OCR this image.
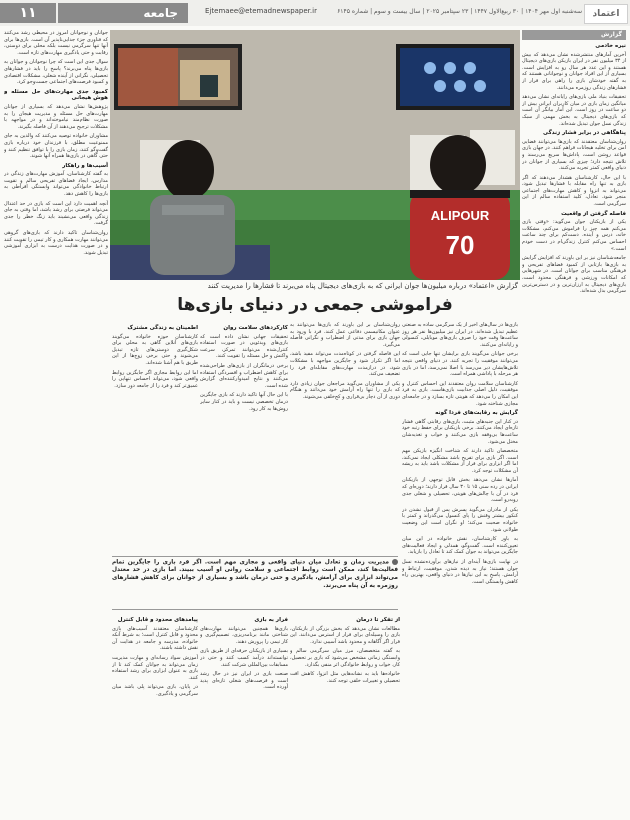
اعتماد
سه‌شنبه اول مهر ۱۴۰۴ | ۳۰ ربیع‌الاول ۱۴۴۷ | ۲۳ سپتامبر ۲۰۲۵ | سال بیست و سوم | شماره ۶۱۴۵
Ejtemaee@etemadnewspaper.ir
جامعه
۱۱
ALIPOUR
70
گزارش
نیره خادمی

آخرین آمارهای منتشرشده نشان می‌دهد که بیش از ۳۴ میلیون نفر در ایران بازیکن بازی‌های دیجیتال هستند و این عدد هر سال رو به افزایش است. بسیاری از این افراد جوانان و نوجوانانی هستند که به گفته خودشان بازی را راهی برای فرار از فشارهای زندگی روزمره می‌دانند.

تحقیقات بنیاد ملی بازی‌های رایانه‌ای نشان می‌دهد میانگین زمان بازی در میان کاربران ایرانی بیش از دو ساعت در روز است. این آمار بیانگر آن است که بازی‌های دیجیتال به بخش مهمی از سبک زندگی نسل جوان تبدیل شده‌اند.

پناهگاهی در برابر فشار زندگی

روان‌شناسان معتقدند که بازی‌ها می‌توانند فضایی امن برای تخلیه هیجانات فراهم کنند. در جهان بازی قواعد روشن است، پاداش‌ها سریع می‌رسند و تلاش نتیجه دارد؛ چیزی که بسیاری از جوانان در دنیای واقعی کمتر تجربه می‌کنند.

با این حال، کارشناسان هشدار می‌دهند که اگر بازی به تنها راه مقابله با فشارها تبدیل شود، می‌تواند به انزوا و کاهش مهارت‌های اجتماعی منجر شود. تعادل، کلید استفاده سالم از این سرگرمی است.

فاصله گرفتن از واقعیت

یکی از بازیکنان جوان می‌گوید: «وقتی بازی می‌کنم همه چیز را فراموش می‌کنم، مشکلات خانه، درس و آینده. دست‌کم برای چند ساعت احساس می‌کنم کنترل زندگی‌ام در دست خودم است.»

جامعه‌شناسان نیز بر این باورند که افزایش گرایش به بازی‌ها بازتابی از کمبود فضاهای تفریحی و فرهنگی مناسب برای جوانان است. در شهرهایی که امکانات ورزشی و فرهنگی محدود است، بازی‌های دیجیتال به ارزان‌ترین و در دسترس‌ترین سرگرمی بدل شده‌اند.

جوانان و نوجوانان امروز در محیطی رشد می‌کنند که فناوری جزء جدایی‌ناپذیر آن است. بازی‌ها برای آنها تنها سرگرمی نیست بلکه محلی برای دوستی، رقابت و حتی یادگیری مهارت‌های تازه است.

سوال جدی این است که چرا نوجوانان و جوانان به بازی‌ها پناه می‌برند؟ پاسخ را باید در فشارهای تحصیلی، نگرانی از آینده شغلی، مشکلات اقتصادی و کمبود فرصت‌های اجتماعی جست‌وجو کرد.

کمبود جدی مهارت‌های حل مسئله و هوش هیجانی

پژوهش‌ها نشان می‌دهد که بسیاری از جوانان مهارت‌های حل مسئله و مدیریت هیجان را به صورت نظام‌مند نیاموخته‌اند و در مواجهه با مشکلات ترجیح می‌دهند از آن فاصله بگیرند.

مشاوران خانواده توصیه می‌کنند که والدین به جای ممنوعیت مطلق، با فرزندان خود درباره بازی گفت‌وگو کنند، زمان بازی را با توافق تنظیم کنند و حتی گاهی در بازی‌ها همراه آنها شوند.

آسیب‌ها و راهکار

به گفته کارشناسان، آموزش مهارت‌های زندگی در مدارس، ایجاد فضاهای تفریحی سالم و تقویت ارتباط خانوادگی می‌تواند وابستگی افراطی به بازی‌ها را کاهش دهد.

آنچه اهمیت دارد این است که بازی در حد اعتدال می‌تواند فرصتی برای رشد باشد، اما وقتی به جای زندگی واقعی می‌نشیند باید زنگ خطر را جدی گرفت.

روان‌شناسان تاکید دارند که بازی‌های گروهی می‌توانند مهارت همکاری و کار تیمی را تقویت کنند و در صورت هدایت درست به ابزاری آموزشی تبدیل شوند.

گزارش «اعتماد» درباره میلیون‌ها جوان ایرانی که به بازی‌های دیجیتال پناه می‌برند تا فشارها را مدیریت کنند
فراموشی جمعی در دنیای بازی‌ها

بازی‌ها در سال‌های اخیر از یک سرگرمی ساده به صنعتی عظیم تبدیل شده‌اند. در ایران نیز میلیون‌ها نفر هر روز ساعت‌ها وقت خود را صرف بازی‌های موبایلی، کنسولی و رایانه‌ای می‌کنند.

برخی جوانان می‌گویند بازی برایشان تنها جایی است که می‌توانند موفقیت را تجربه کنند. در دنیای واقعی نتیجه تلاش‌هایشان دیر می‌رسد یا اصلا نمی‌رسد، اما در بازی هر مرحله با پاداشی همراه است.

کارشناسان سلامت روان معتقدند این احساس کنترل و موفقیت، دلیل اصلی جذابیت بازی‌هاست. بازی به فرد این امکان را می‌دهد که هویتی تازه بسازد و در جامعه‌ای مجازی شناخته شود.

گرایش به رقابت‌های فردا گونه

در کنار این جنبه‌های مثبت، بازی‌های رقابتی گاهی فشار تازه‌ای ایجاد می‌کنند. برخی بازیکنان برای حفظ رتبه خود ساعت‌ها بی‌وقفه بازی می‌کنند و خواب و تغذیه‌شان مختل می‌شود.

متخصصان تاکید دارند که شناخت انگیزه بازیکن مهم است. اگر بازی برای تفریح باشد مشکلی ایجاد نمی‌کند، اما اگر ابزاری برای فرار از مشکلات باشد باید به ریشه آن مشکلات توجه کرد.

آمارها نشان می‌دهد بخش قابل توجهی از بازیکنان ایرانی در رده سنی ۱۵ تا ۳۰ سال قرار دارند؛ دوره‌ای که فرد در آن با چالش‌های هویتی، تحصیلی و شغلی جدی روبه‌رو است.

یکی از مادران می‌گوید پسرش پس از قبول نشدن در کنکور بیشتر وقتش را پای کنسول می‌گذراند و کمتر با خانواده صحبت می‌کند؛ او نگران است این وضعیت طولانی شود.

به باور کارشناسان، نقش خانواده در این میان تعیین‌کننده است. گفت‌وگو، همدلی و ایجاد فعالیت‌های جایگزین می‌تواند به جوان کمک کند تا تعادل را بازیابد.

در نهایت بازی‌ها آینه‌ای از نیازهای برآورده‌نشده نسل جوان هستند؛ نیاز به دیده شدن، موفقیت، ارتباط و آرامش. پاسخ به این نیازها در دنیای واقعی، بهترین راه کاهش وابستگی است.

روان‌شناسان بر این باورند که بازی‌ها می‌توانند به عنوان مکانیسمی دفاعی عمل کنند. فرد با ورود به جهان بازی برای مدتی از اضطراب و نگرانی فاصله می‌گیرد.

این فاصله گرفتن در کوتاه‌مدت می‌تواند مفید باشد، اما اگر تکرار شود و جایگزین مواجهه با مشکلات شود، در درازمدت مهارت‌های مقابله‌ای فرد را تضعیف می‌کند.

یکی از مشاوران می‌گوید مراجعان جوان زیادی دارد که بازی را تنها راه آرامش خود می‌دانند و هنگام دوری از آن دچار بی‌قراری و کج‌خلقی می‌شوند.

کارکردهای سلامت روان

تحقیقات جهانی نشان داده است که بازی‌های ویدئویی در صورت استفاده کنترل‌شده می‌توانند تمرکز، سرعت واکنش و حل مسئله را تقویت کنند.

برخی درمانگران از بازی‌های طراحی‌شده برای کاهش اضطراب و افسردگی استفاده می‌کنند و نتایج امیدوارکننده‌ای گزارش شده است.

با این حال آنها تاکید دارند که بازی جایگزین درمان تخصصی نیست و باید در کنار سایر روش‌ها به کار رود.

اطمینان به زندگی مشترک

کارشناسان حوزه خانواده می‌گویند بازی‌های آنلاین گاهی به محلی برای شکل‌گیری دوستی‌های تازه تبدیل می‌شوند و حتی برخی زوج‌ها از این طریق با هم آشنا شده‌اند.

اما این روابط مجازی اگر جایگزین روابط واقعی شود، می‌تواند احساس تنهایی را عمیق‌تر کند و فرد را از جامعه دور سازد.

مدیریت زمان و تعادل میان دنیای واقعی و مجازی مهم است. اگر فرد بازی را جایگزین تمام فعالیت‌ها کند، ممکن است روابط اجتماعی و سلامت روانی او آسیب ببیند. اما بازی در حد معتدل می‌تواند ابزاری برای آرامش، یادگیری و حتی درمان باشد و بسیاری از جوانان برای کاهش فشارهای روزمره به آن پناه می‌برند.
از تفکر تا درمان

مطالعات نشان می‌دهد که بخش بزرگی از بازیکنان، بازی را وسیله‌ای برای فرار از استرس می‌دانند. این فرار اگر آگاهانه و محدود باشد آسیبی ندارد.

به گفته متخصصان، مرز میان سرگرمی سالم و وابستگی زمانی مشخص می‌شود که بازی بر تحصیل، کار، خواب و روابط خانوادگی اثر منفی بگذارد.

خانواده‌ها باید به نشانه‌هایی مثل انزوا، کاهش افت تحصیلی و تغییرات خلقی توجه کنند.

فرار به بازی

بازی‌ها همچنین می‌توانند مهارت‌های شناختی مانند برنامه‌ریزی، تصمیم‌گیری و کار تیمی را پرورش دهند.

بسیاری از بازیکنان حرفه‌ای از طریق بازی توانسته‌اند درآمد کسب کنند و حتی در مسابقات بین‌المللی شرکت کنند.

صنعت بازی در ایران نیز در حال رشد است و فرصت‌های شغلی تازه‌ای پدید آورده است.

پیامدهای محدود و قابل کنترل

کارشناسان معتقدند آسیب‌های بازی محدود و قابل کنترل است؛ به شرط آنکه خانواده، مدرسه و جامعه در هدایت آن نقش داشته باشند.

آموزش سواد رسانه‌ای و مهارت مدیریت زمان می‌تواند به جوانان کمک کند تا از بازی به عنوان ابزاری برای رشد استفاده کنند.

در پایان، بازی می‌تواند پلی باشد میان سرگرمی و یادگیری.
